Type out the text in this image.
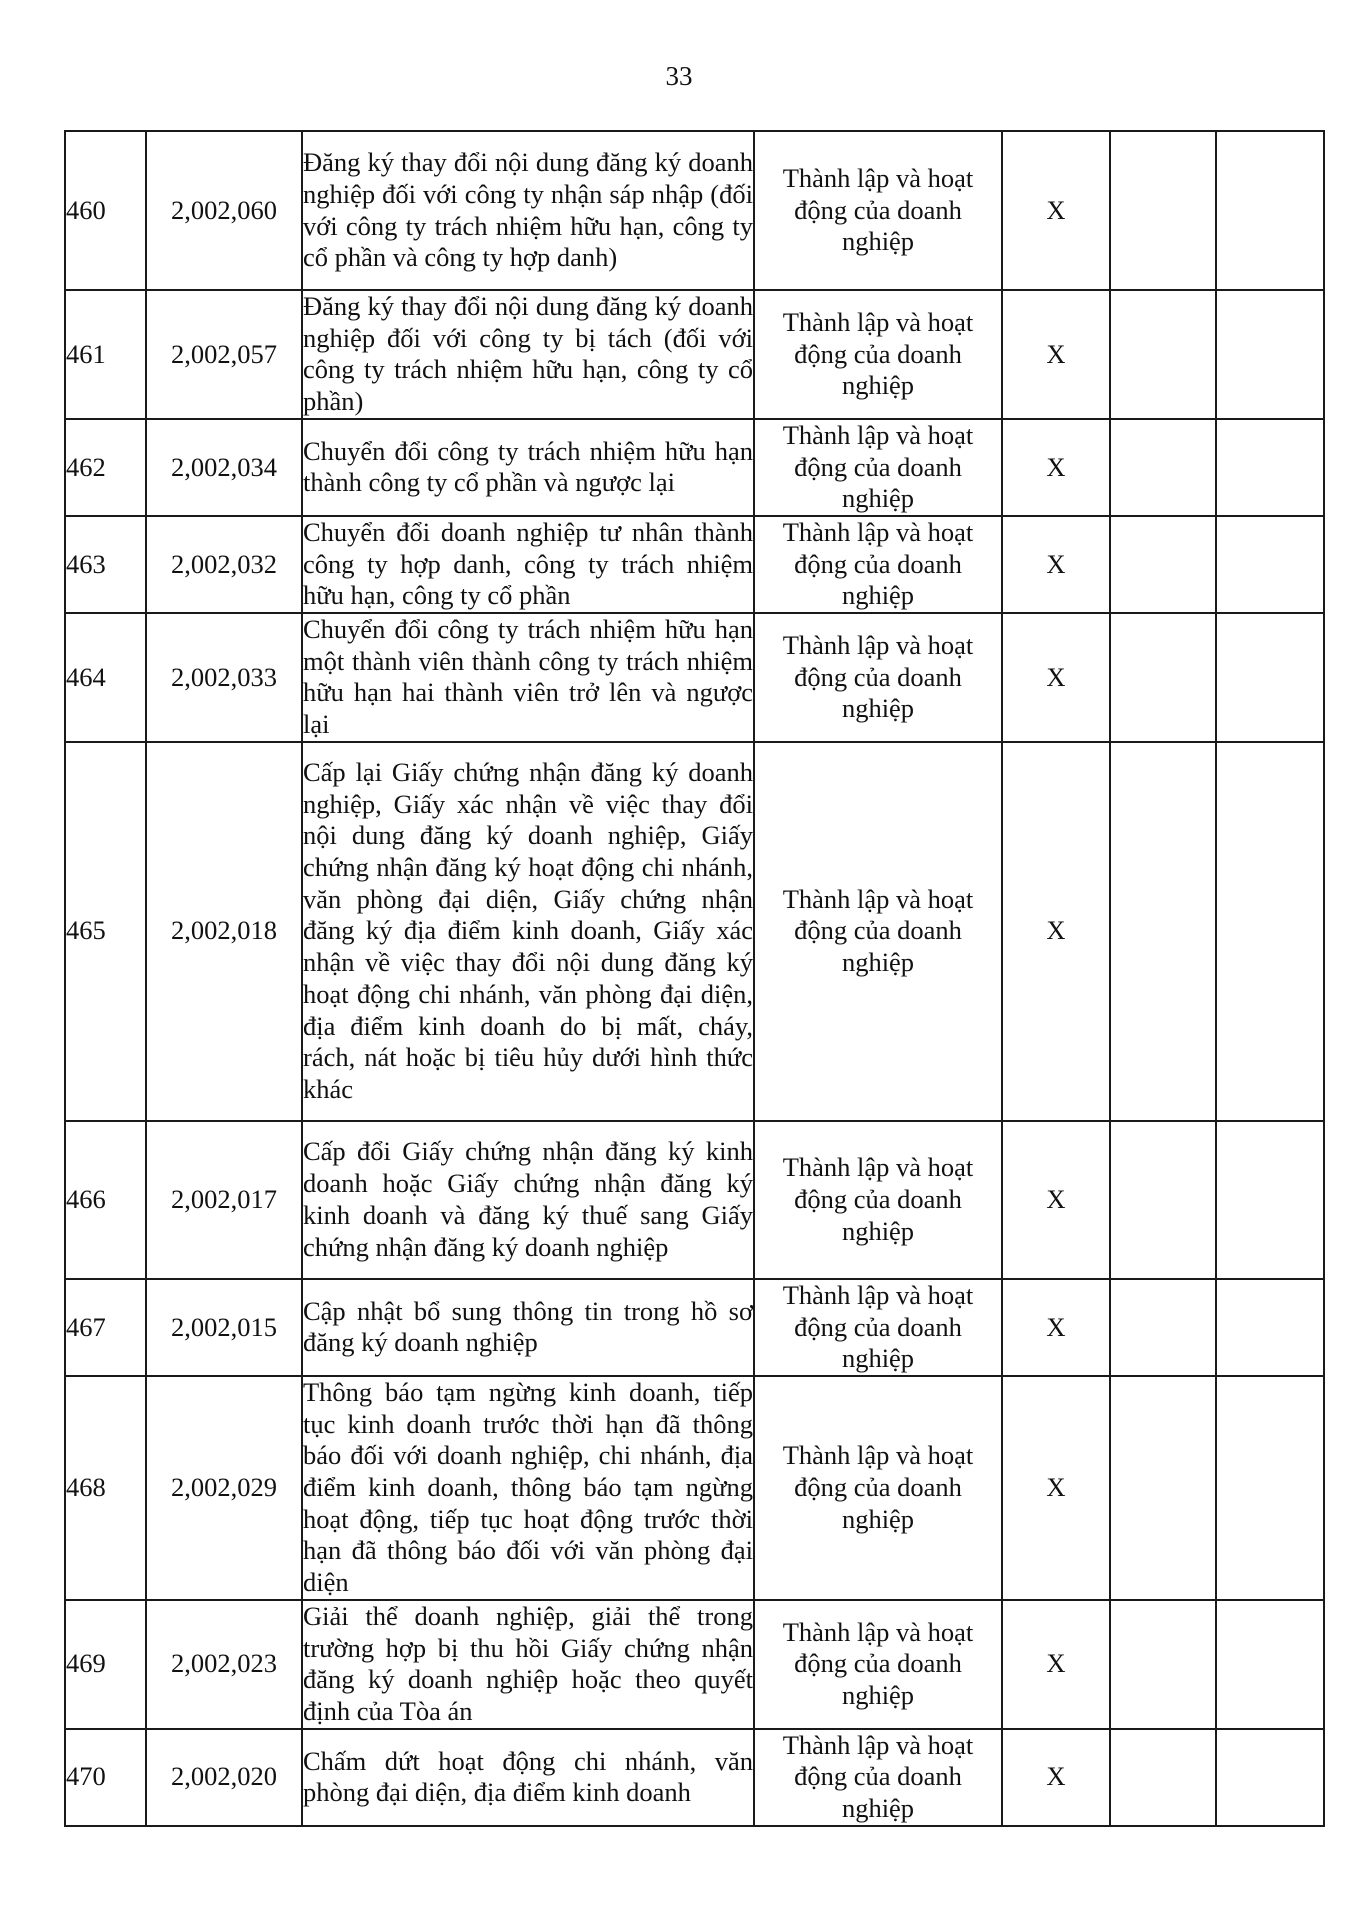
33
460	2,002,060	Đăng ký thay đổi nội dung đăng ký doanh nghiệp đối với công ty nhận sáp nhập (đối với công ty trách nhiệm hữu hạn, công ty cổ phần và công ty hợp danh)	Thành lập và hoạt động của doanh nghiệp	X		
461	2,002,057	Đăng ký thay đổi nội dung đăng ký doanh nghiệp đối với công ty bị tách (đối với công ty trách nhiệm hữu hạn, công ty cổ phần)	Thành lập và hoạt động của doanh nghiệp	X		
462	2,002,034	Chuyển đổi công ty trách nhiệm hữu hạn thành công ty cổ phần và ngược lại	Thành lập và hoạt động của doanh nghiệp	X		
463	2,002,032	Chuyển đổi doanh nghiệp tư nhân thành công ty hợp danh, công ty trách nhiệm hữu hạn, công ty cổ phần	Thành lập và hoạt động của doanh nghiệp	X		
464	2,002,033	Chuyển đổi công ty trách nhiệm hữu hạn một thành viên thành công ty trách nhiệm hữu hạn hai thành viên trở lên và ngược lại	Thành lập và hoạt động của doanh nghiệp	X		
465	2,002,018	Cấp lại Giấy chứng nhận đăng ký doanh nghiệp, Giấy xác nhận về việc thay đổi nội dung đăng ký doanh nghiệp, Giấy chứng nhận đăng ký hoạt động chi nhánh, văn phòng đại diện, Giấy chứng nhận đăng ký địa điểm kinh doanh, Giấy xác nhận về việc thay đổi nội dung đăng ký hoạt động chi nhánh, văn phòng đại diện, địa điểm kinh doanh do bị mất, cháy, rách, nát hoặc bị tiêu hủy dưới hình thức khác	Thành lập và hoạt động của doanh nghiệp	X		
466	2,002,017	Cấp đổi Giấy chứng nhận đăng ký kinh doanh hoặc Giấy chứng nhận đăng ký kinh doanh và đăng ký thuế sang Giấy chứng nhận đăng ký doanh nghiệp	Thành lập và hoạt động của doanh nghiệp	X		
467	2,002,015	Cập nhật bổ sung thông tin trong hồ sơ đăng ký doanh nghiệp	Thành lập và hoạt động của doanh nghiệp	X		
468	2,002,029	Thông báo tạm ngừng kinh doanh, tiếp tục kinh doanh trước thời hạn đã thông báo đối với doanh nghiệp, chi nhánh, địa điểm kinh doanh, thông báo tạm ngừng hoạt động, tiếp tục hoạt động trước thời hạn đã thông báo đối với văn phòng đại diện	Thành lập và hoạt động của doanh nghiệp	X		
469	2,002,023	Giải thể doanh nghiệp, giải thể trong trường hợp bị thu hồi Giấy chứng nhận đăng ký doanh nghiệp hoặc theo quyết định của Tòa án	Thành lập và hoạt động của doanh nghiệp	X		
470	2,002,020	Chấm dứt hoạt động chi nhánh, văn phòng đại diện, địa điểm kinh doanh	Thành lập và hoạt động của doanh nghiệp	X		
